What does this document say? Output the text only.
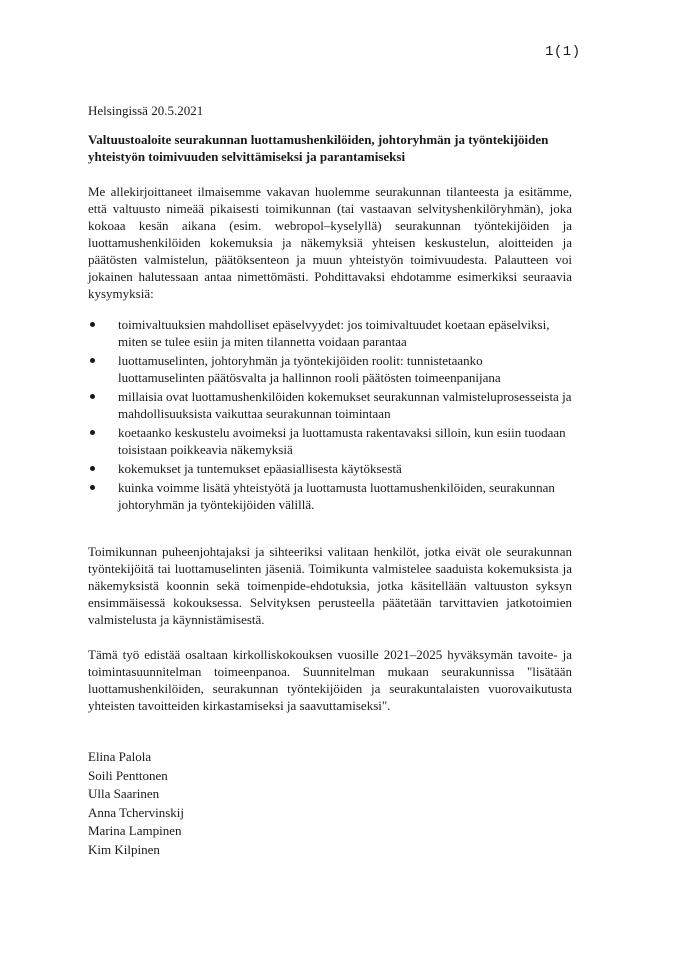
1(1)

Helsingissä 20.5.2021

Valtuustoaloite seurakunnan luottamushenkilöiden, johtoryhmän ja työntekijöiden yhteistyön toimivuuden selvittämiseksi ja parantamiseksi

Me allekirjoittaneet ilmaisemme vakavan huolemme seurakunnan tilanteesta ja esitämme, että valtuusto nimeää pikaisesti toimikunnan (tai vastaavan selvityshenkilöryhmän), joka kokoaa kesän aikana (esim. webropol–kyselyllä) seurakunnan työntekijöiden ja luottamushenkilöiden kokemuksia ja näkemyksiä yhteisen keskustelun, aloitteiden ja päätösten valmistelun, päätöksenteon ja muun yhteistyön toimivuudesta. Palautteen voi jokainen halutessaan antaa nimettömästi. Pohdittavaksi ehdotamme esimerkiksi seuraavia kysymyksiä:

toimivaltuuksien mahdolliset epäselvyydet: jos toimivaltuudet koetaan epäselviksi, miten se tulee esiin ja miten tilannetta voidaan parantaa
luottamuselinten, johtoryhmän ja työntekijöiden roolit: tunnistetaanko luottamuselinten päätösvalta ja hallinnon rooli päätösten toimeenpanijana
millaisia ovat luottamushenkilöiden kokemukset seurakunnan valmisteluprosesseista ja mahdollisuuksista vaikuttaa seurakunnan toimintaan
koetaanko keskustelu avoimeksi ja luottamusta rakentavaksi silloin, kun esiin tuodaan toisistaan poikkeavia näkemyksiä
kokemukset ja tuntemukset epäasiallisesta käytöksestä
kuinka voimme lisätä yhteistyötä ja luottamusta luottamushenkilöiden, seurakunnan johtoryhmän ja työntekijöiden välillä.

Toimikunnan puheenjohtajaksi ja sihteeriksi valitaan henkilöt, jotka eivät ole seurakunnan työntekijöitä tai luottamuselinten jäseniä. Toimikunta valmistelee saaduista kokemuksista ja näkemyksistä koonnin sekä toimenpide-ehdotuksia, jotka käsitellään valtuuston syksyn ensimmäisessä kokouksessa. Selvityksen perusteella päätetään tarvittavien jatkotoimien valmistelusta ja käynnistämisestä.

Tämä työ edistää osaltaan kirkolliskokouksen vuosille 2021–2025 hyväksymän tavoite- ja toimintasuunnitelman toimeenpanoa. Suunnitelman mukaan seurakunnissa "lisätään luottamushenkilöiden, seurakunnan työntekijöiden ja seurakuntalaisten vuorovaikutusta yhteisten tavoitteiden kirkastamiseksi ja saavuttamiseksi".

Elina Palola
Soili Penttonen
Ulla Saarinen
Anna Tchervinskij
Marina Lampinen
Kim Kilpinen
